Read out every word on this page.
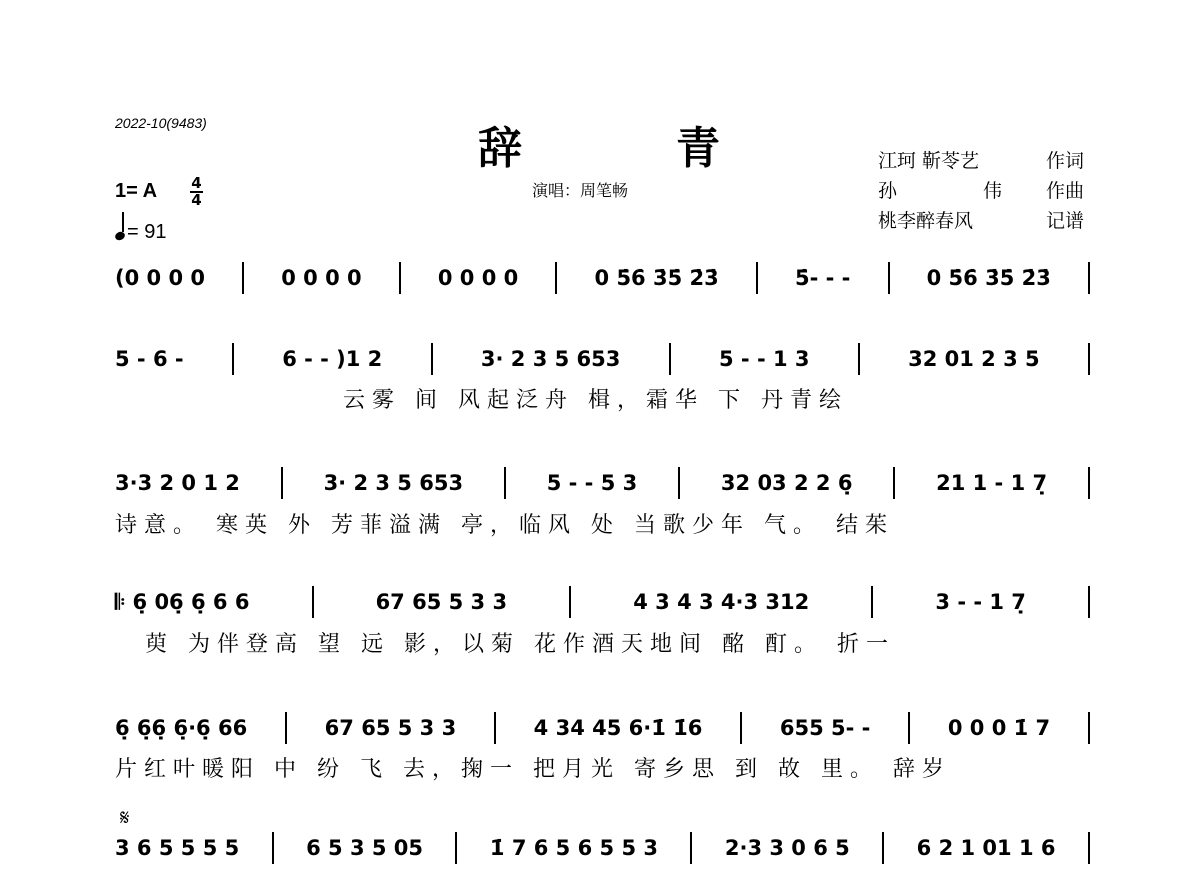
2022-10(9483)	辞	青
演唱：周笔畅
江珂 靳苓艺	作词
孙 伟 作曲
桃李醉春风	记谱
1= A 4
4
= 91
(0 0 0 0	0 0 0 0	0 0 0 0	0 5̇6̇ 3̇5̇ 2̇3̇	5̇- - -	0 5̇6̇ 3̇5̇ 2̇3̇
5 - 6 -	6 - - )1 2	3· 2 3 5 653	5 - - 1 3	32 01 2 3 5
云雾 间 风起泛舟 楫，霜华 下 丹青绘
3·3 2 0 1 2	3· 2 3 5 653	5 - - 5 3	32 03 2 2 6̣	21 1 - 1 7̣
诗意。 寒英 外 芳菲溢满 亭，临风 处 当歌少年 气。 结茱
𝄆 6̣ 06̣ 6̣ 6 6	67 65 5 3 3	4 3 4 3 4·3 312	3 - - 1 7̣
萸 为伴登高 望 远 影，以菊 花作酒天地间 酩 酊。 折一
6̣ 6̣6̣ 6̣·6̣ 66	67 65 5 3 3	4 34 45 6·1̇ 1̇6	655 5- -	0 0 0 1̇ 7
片红叶暖阳 中 纷 飞 去，掬一 把月光 寄乡思 到 故 里。 辞岁
𝄋
3 6 5 5 5 5	6 5 3 5 05	1̇ 7 6 5 6 5 5 3	2·3 3 0 6 5	6 2 1 01 1 6
